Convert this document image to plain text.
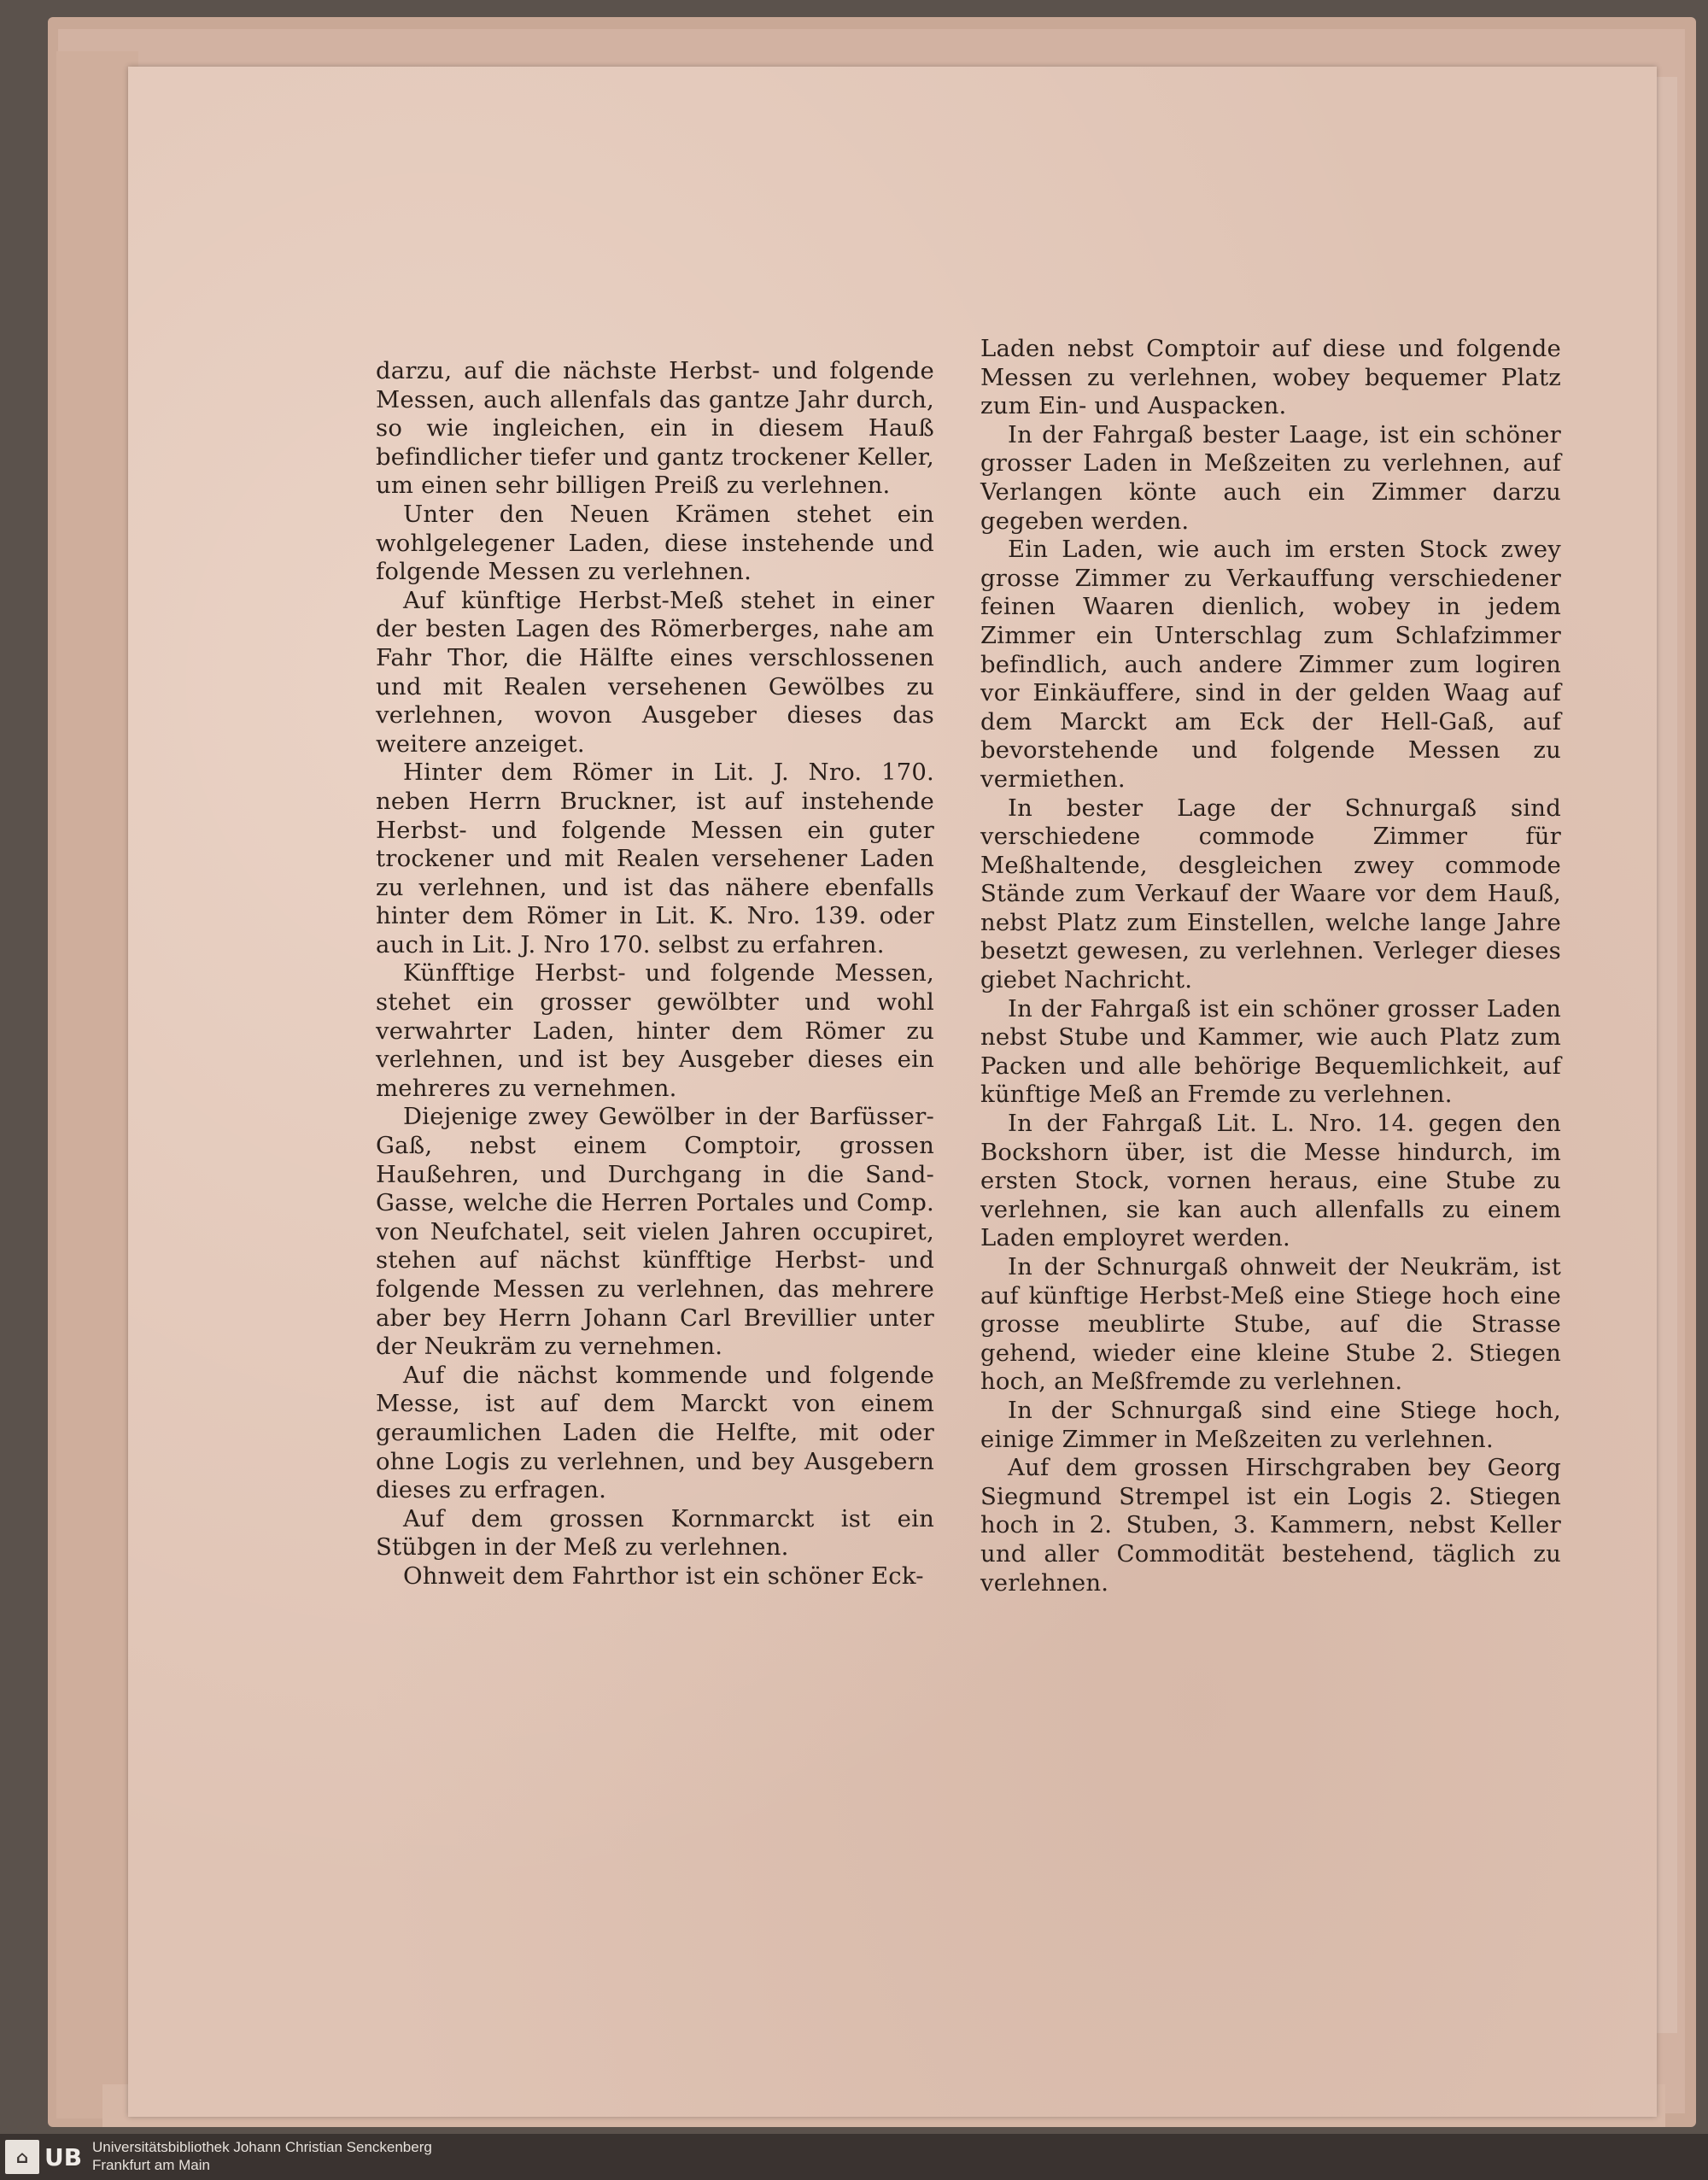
darzu, auf die nächste Herbst- und folgende Messen, auch allenfals das gantze Jahr durch, so wie ingleichen, ein in diesem Hauß befindlicher tiefer und gantz trockener Keller, um einen sehr billigen Preiß zu verlehnen.

Unter den Neuen Krämen stehet ein wohlgelegener Laden, diese instehende und folgende Messen zu verlehnen.

Auf künftige Herbst-Meß stehet in einer der besten Lagen des Römerberges, nahe am Fahr Thor, die Hälfte eines verschlossenen und mit Realen versehenen Gewölbes zu verlehnen, wovon Ausgeber dieses das weitere anzeiget.

Hinter dem Römer in Lit. J. Nro. 170. neben Herrn Bruckner, ist auf instehende Herbst- und folgende Messen ein guter trockener und mit Realen versehener Laden zu verlehnen, und ist das nähere ebenfalls hinter dem Römer in Lit. K. Nro. 139. oder auch in Lit. J. Nro 170. selbst zu erfahren.

Künfftige Herbst- und folgende Messen, stehet ein grosser gewölbter und wohl verwahrter Laden, hinter dem Römer zu verlehnen, und ist bey Ausgeber dieses ein mehreres zu vernehmen.

Diejenige zwey Gewölber in der Barfüsser-Gaß, nebst einem Comptoir, grossen Haußehren, und Durchgang in die Sand-Gasse, welche die Herren Portales und Comp. von Neufchatel, seit vielen Jahren occupiret, stehen auf nächst künfftige Herbst- und folgende Messen zu verlehnen, das mehrere aber bey Herrn Johann Carl Brevillier unter der Neukräm zu vernehmen.

Auf die nächst kommende und folgende Messe, ist auf dem Marckt von einem geraumlichen Laden die Helfte, mit oder ohne Logis zu verlehnen, und bey Ausgebern dieses zu erfragen.

Auf dem grossen Kornmarckt ist ein Stübgen in der Meß zu verlehnen.

Ohnweit dem Fahrthor ist ein schöner Eck-

Laden nebst Comptoir auf diese und folgende Messen zu verlehnen, wobey bequemer Platz zum Ein- und Auspacken.

In der Fahrgaß bester Laage, ist ein schöner grosser Laden in Meßzeiten zu verlehnen, auf Verlangen könte auch ein Zimmer darzu gegeben werden.

Ein Laden, wie auch im ersten Stock zwey grosse Zimmer zu Verkauffung verschiedener feinen Waaren dienlich, wobey in jedem Zimmer ein Unterschlag zum Schlafzimmer befindlich, auch andere Zimmer zum logiren vor Einkäuffere, sind in der gelden Waag auf dem Marckt am Eck der Hell-Gaß, auf bevorstehende und folgende Messen zu vermiethen.

In bester Lage der Schnurgaß sind verschiedene commode Zimmer für Meßhaltende, desgleichen zwey commode Stände zum Verkauf der Waare vor dem Hauß, nebst Platz zum Einstellen, welche lange Jahre besetzt gewesen, zu verlehnen. Verleger dieses giebet Nachricht.

In der Fahrgaß ist ein schöner grosser Laden nebst Stube und Kammer, wie auch Platz zum Packen und alle behörige Bequemlichkeit, auf künftige Meß an Fremde zu verlehnen.

In der Fahrgaß Lit. L. Nro. 14. gegen den Bockshorn über, ist die Messe hindurch, im ersten Stock, vornen heraus, eine Stube zu verlehnen, sie kan auch allenfalls zu einem Laden employret werden.

In der Schnurgaß ohnweit der Neukräm, ist auf künftige Herbst-Meß eine Stiege hoch eine grosse meublirte Stube, auf die Strasse gehend, wieder eine kleine Stube 2. Stiegen hoch, an Meßfremde zu verlehnen.

In der Schnurgaß sind eine Stiege hoch, einige Zimmer in Meßzeiten zu verlehnen.

Auf dem grossen Hirschgraben bey Georg Siegmund Strempel ist ein Logis 2. Stiegen hoch in 2. Stuben, 3. Kammern, nebst Keller und aller Commodität bestehend, täglich zu verlehnen.

⌂ UB Universitätsbibliothek Johann Christian Senckenberg
Frankfurt am Main
